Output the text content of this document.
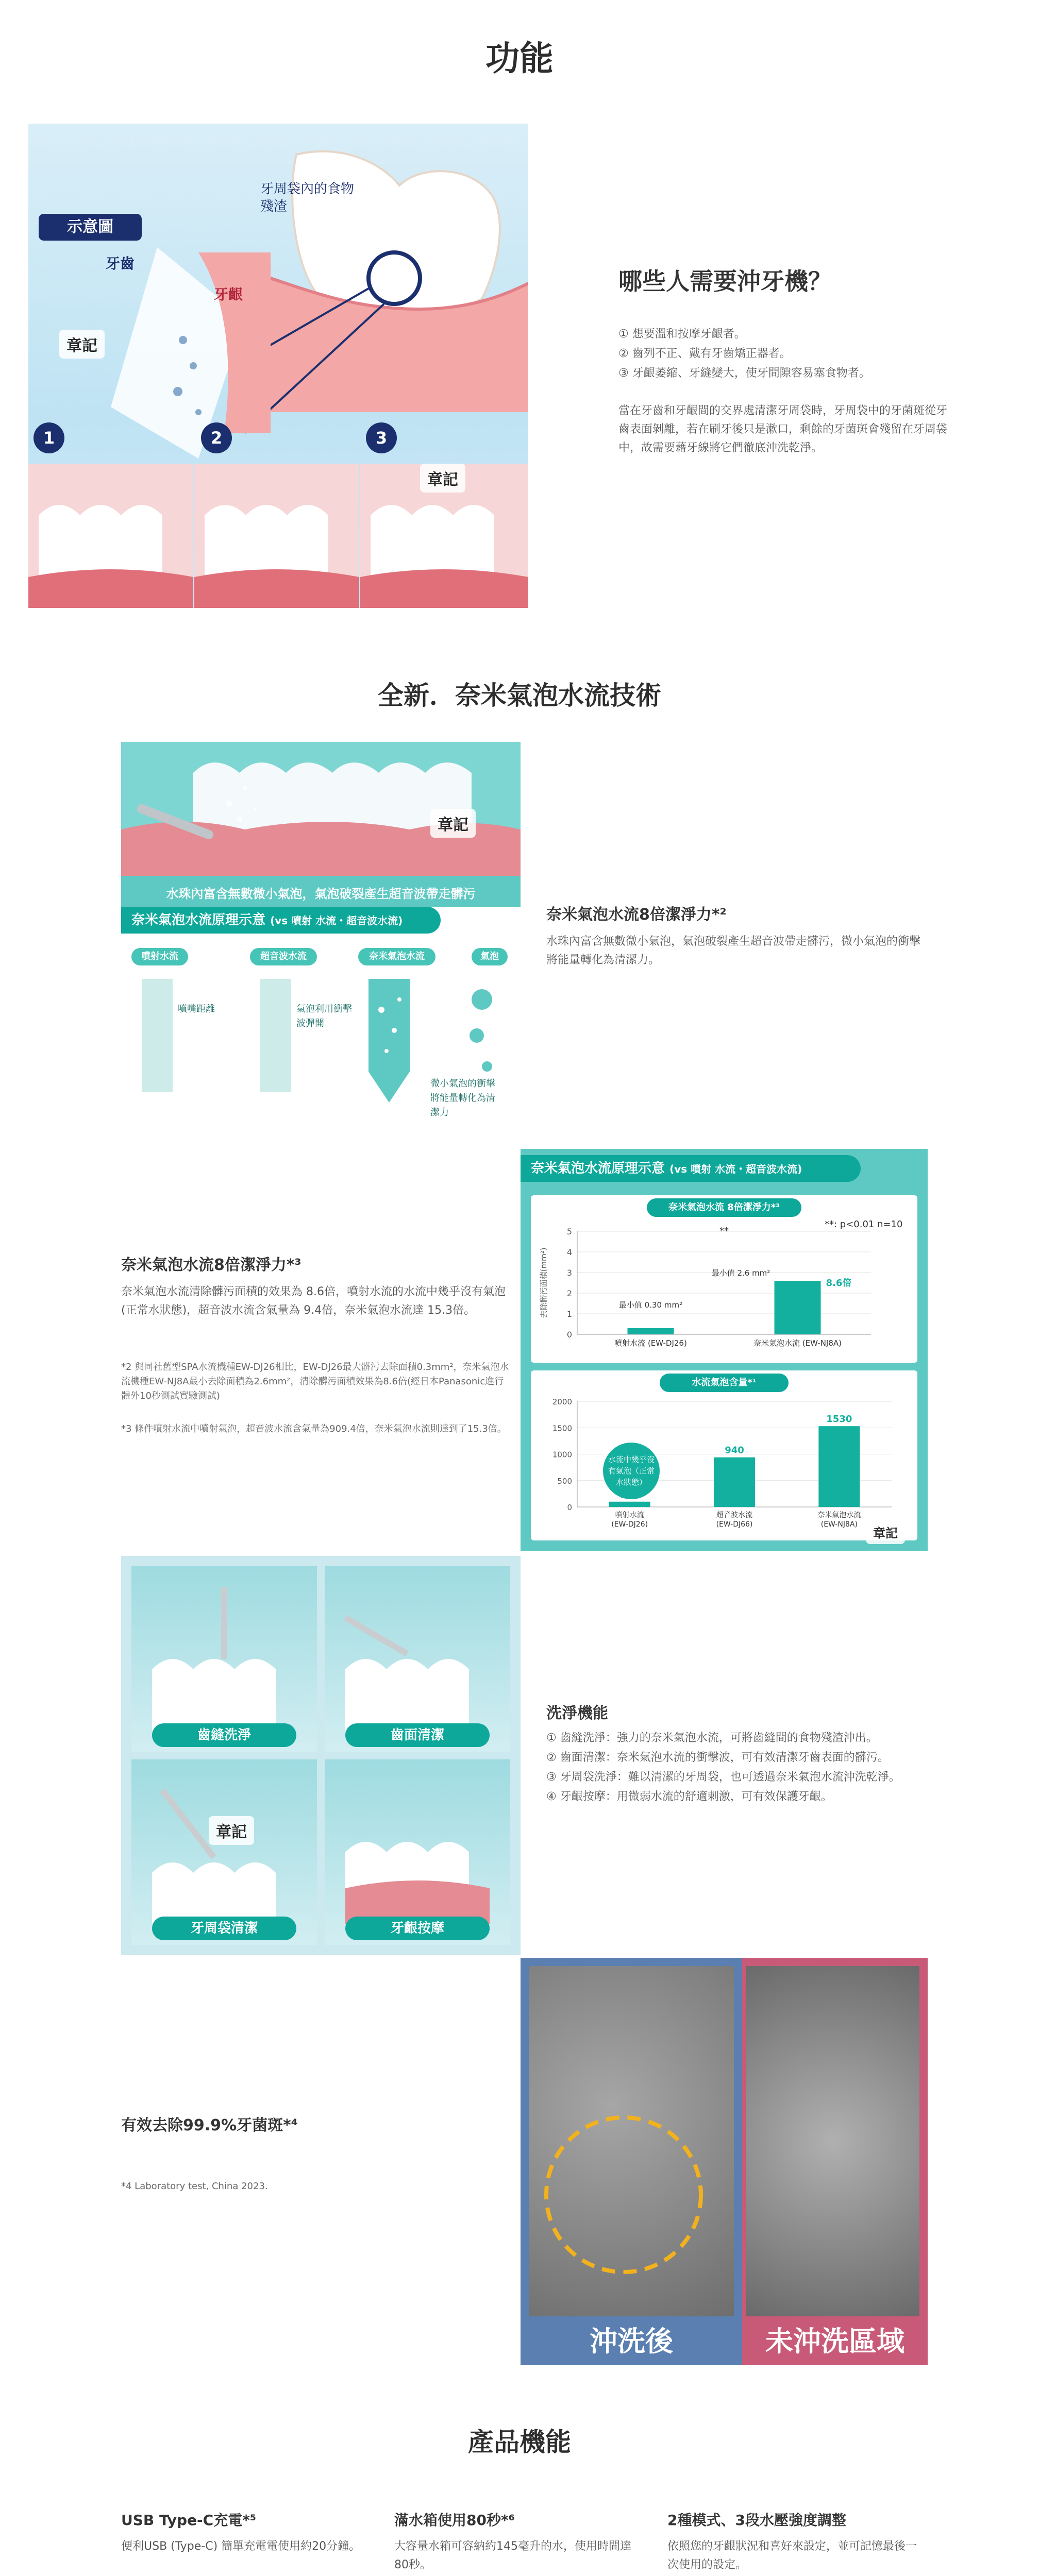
功能
示意圖
牙齒
牙齦
牙周袋內的食物殘渣
章記
章記
1	2	3
哪些人需要沖牙機？
① 想要溫和按摩牙齦者。
② 齒列不正、戴有牙齒矯正器者。
③ 牙齦萎縮、牙縫變大，使牙間隙容易塞食物者。
當在牙齒和牙齦間的交界處清潔牙周袋時，牙周袋中的牙菌斑從牙齒表面剝離，若在刷牙後只是漱口，剩餘的牙菌斑會殘留在牙周袋中，故需要藉牙線將它們徹底沖洗乾淨。
全新．奈米氣泡水流技術
章記
水珠內富含無數微小氣泡，氣泡破裂產生超音波帶走髒污
奈米氣泡水流原理示意 (vs 噴射 水流・超音波水流)
噴射水流	超音波水流	奈米氣泡水流	氣泡
噴嘴距離	氣泡利用衝擊波彈開
微小氣泡的衝擊將能量轉化為清潔力
奈米氣泡水流8倍潔淨力*²
水珠內富含無數微小氣泡，氣泡破裂產生超音波帶走髒污，微小氣泡的衝擊將能量轉化為清潔力。
奈米氣泡水流8倍潔淨力*³
奈米氣泡水流清除髒污面積的效果為 8.6倍，噴射水流的水流中幾乎沒有氣泡(正常水狀態)，超音波水流含氣量為 9.4倍，奈米氣泡水流達 15.3倍。
*2 與同社舊型SPA水流機種EW-DJ26相比，EW-DJ26最大髒污去除面積0.3mm²，奈米氣泡水流機種EW-NJ8A最小去除面積為2.6mm²，清除髒污面積效果為8.6倍(經日本Panasonic進行體外10秒測試實驗測試)
*3 條件噴射水流中噴射氣泡，超音波水流含氣量為909.4倍，奈米氣泡水流則達到了15.3倍。
奈米氣泡水流原理示意 (vs 噴射 水流・超音波水流)
奈米氣泡水流 8倍潔淨力*³
**: p<0.01 n=10
0
1
2
3
4
5
去除髒污面積(mm²)
噴射水流 (EW-DJ26)	奈米氣泡水流 (EW-NJ8A)
最小值 0.30 mm²
最小值 2.6 mm²
**
8.6倍
水流氣泡含量*¹
0
500
1000
1500
2000
噴射水流
(EW-DJ26)
940
超音波水流
(EW-DJ66)
1530
奈米氣泡水流
(EW-NJ8A)
水流中幾乎沒有氣泡（正常水狀態）
章記
齒縫洗淨	齒面清潔
章記
牙周袋清潔	牙齦按摩
洗淨機能
① 齒縫洗淨：強力的奈米氣泡水流，可將齒縫間的食物殘渣沖出。
② 齒面清潔：奈米氣泡水流的衝擊波，可有效清潔牙齒表面的髒污。
③ 牙周袋洗淨：難以清潔的牙周袋，也可透過奈米氣泡水流沖洗乾淨。
④ 牙齦按摩：用微弱水流的舒適刺激，可有效保護牙齦。
有效去除99.9%牙菌斑*⁴
*4 Laboratory test, China 2023.
沖洗後	未沖洗區域
產品機能
USB Type-C充電*⁵
便利USB (Type-C) 簡單充電電使用約20分鐘。
滿水箱使用80秒*⁶
大容量水箱可容納約145毫升的水，使用時間達80秒。
2種模式、3段水壓強度調整
依照您的牙齦狀況和喜好來設定，並可記憶最後一次使用的設定。
